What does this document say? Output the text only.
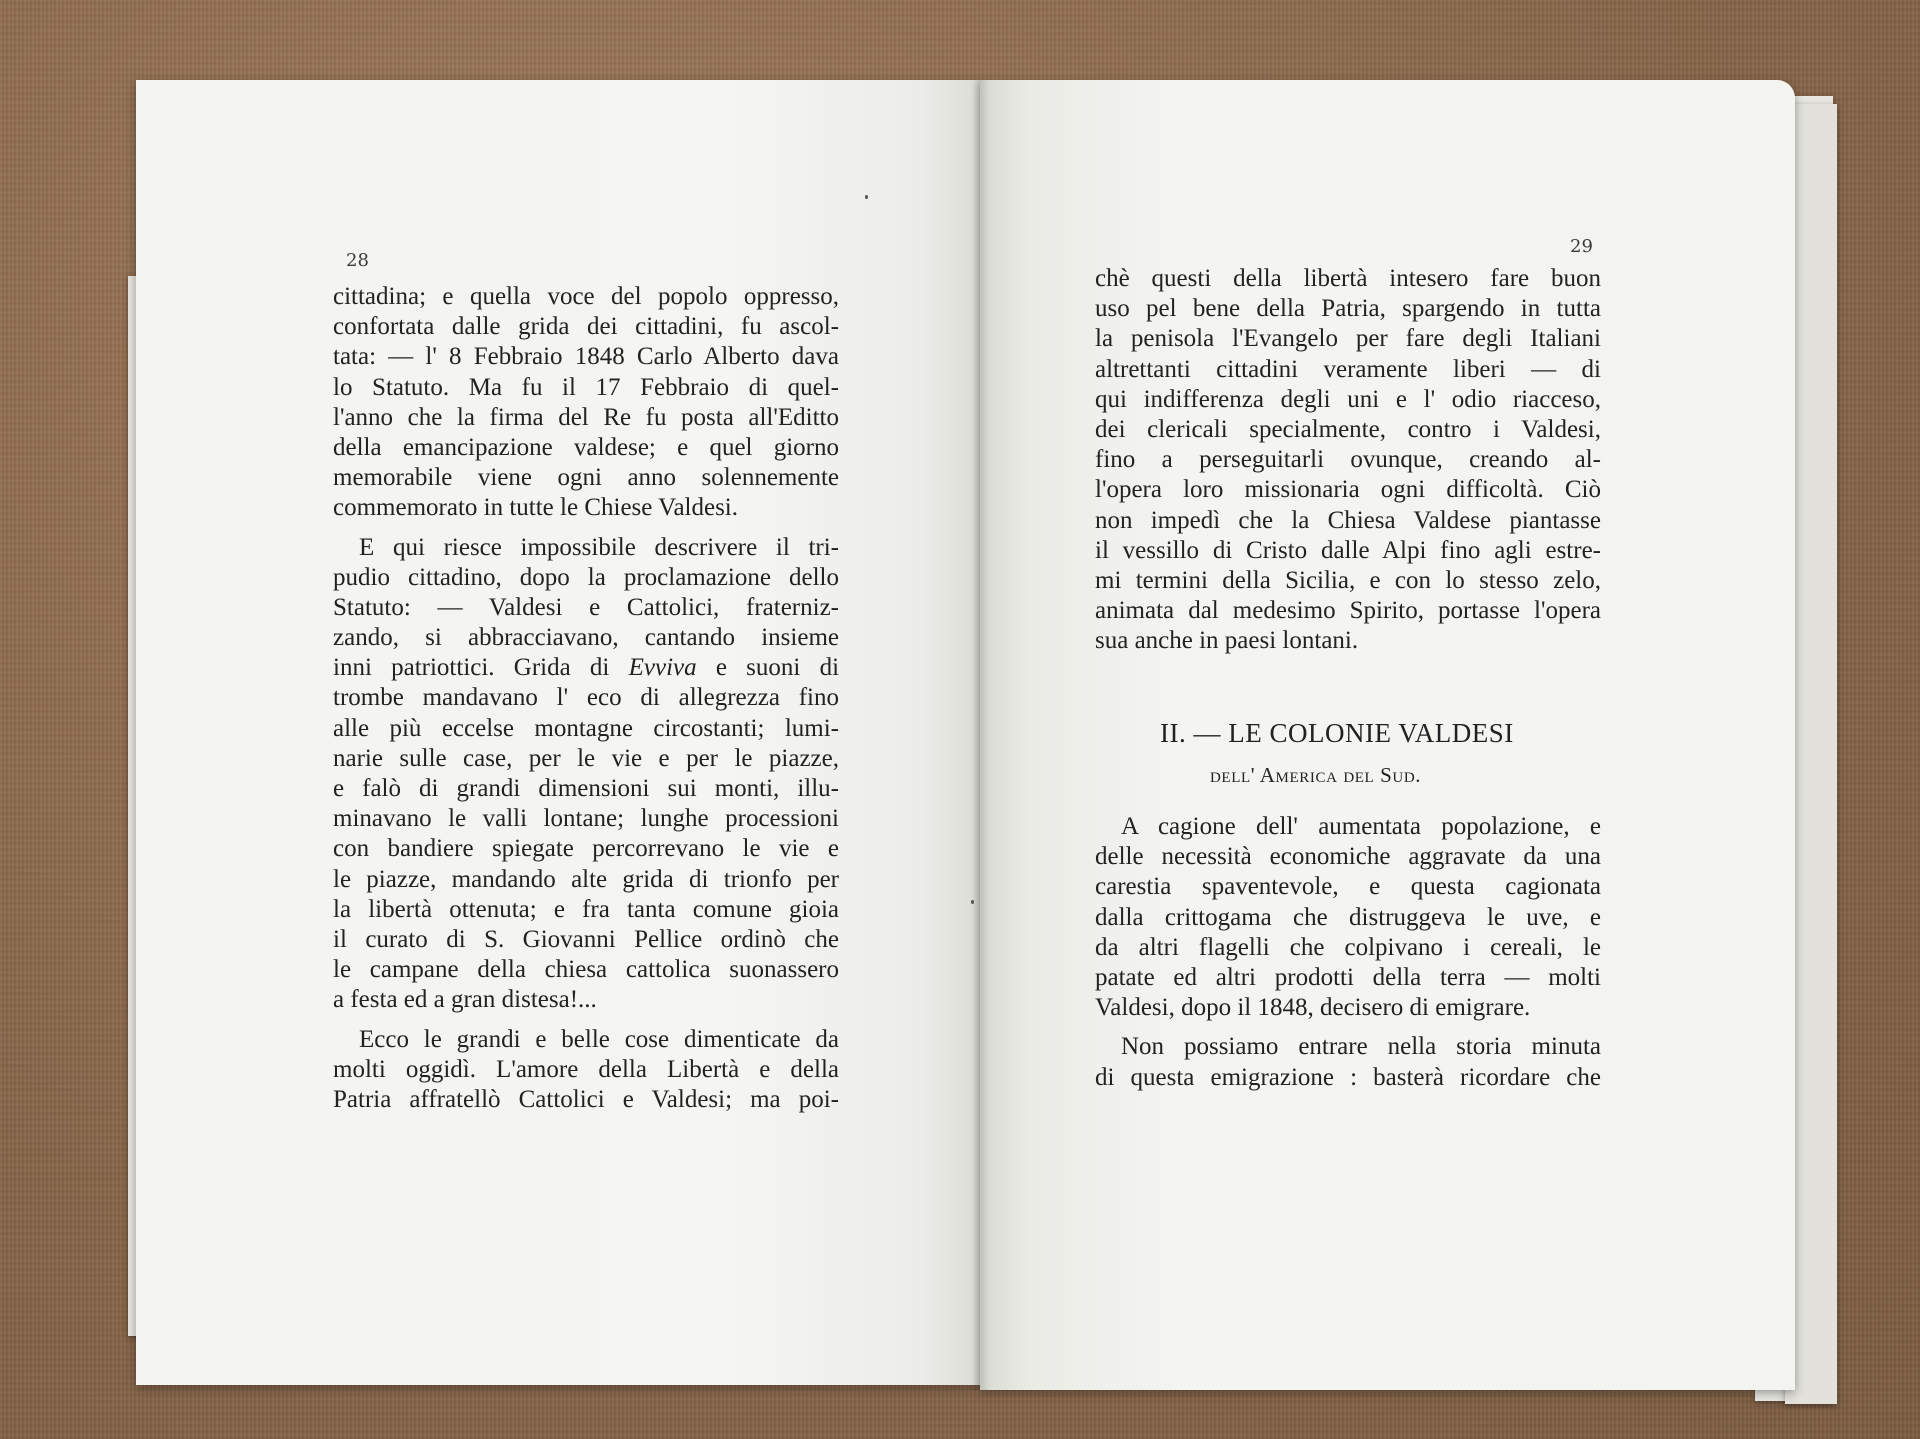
28
29
cittadina; e quella voce del popolo oppresso,
confortata dalle grida dei cittadini, fu ascol-
tata: — l' 8 Febbraio 1848 Carlo Alberto dava
lo Statuto. Ma fu il 17 Febbraio di quel-
l'anno che la firma del Re fu posta all'Editto
della emancipazione valdese; e quel giorno
memorabile viene ogni anno solennemente
commemorato in tutte le Chiese Valdesi.
E qui riesce impossibile descrivere il tri-
pudio cittadino, dopo la proclamazione dello
Statuto: — Valdesi e Cattolici, fraterniz-
zando, si abbracciavano, cantando insieme
inni patriottici. Grida di Evviva e suoni di
trombe mandavano l' eco di allegrezza fino
alle più eccelse montagne circostanti; lumi-
narie sulle case, per le vie e per le piazze,
e falò di grandi dimensioni sui monti, illu-
minavano le valli lontane; lunghe processioni
con bandiere spiegate percorrevano le vie e
le piazze, mandando alte grida di trionfo per
la libertà ottenuta; e fra tanta comune gioia
il curato di S. Giovanni Pellice ordinò che
le campane della chiesa cattolica suonassero
a festa ed a gran distesa!...
Ecco le grandi e belle cose dimenticate da
molti oggidì. L'amore della Libertà e della
Patria affratellò Cattolici e Valdesi; ma poi-
chè questi della libertà intesero fare buon
uso pel bene della Patria, spargendo in tutta
la penisola l'Evangelo per fare degli Italiani
altrettanti cittadini veramente liberi — di
qui indifferenza degli uni e l' odio riacceso,
dei clericali specialmente, contro i Valdesi,
fino a perseguitarli ovunque, creando al-
l'opera loro missionaria ogni difficoltà. Ciò
non impedì che la Chiesa Valdese piantasse
il vessillo di Cristo dalle Alpi fino agli estre-
mi termini della Sicilia, e con lo stesso zelo,
animata dal medesimo Spirito, portasse l'opera
sua anche in paesi lontani.
II. — LE COLONIE VALDESI
dell' America del Sud.
A cagione dell' aumentata popolazione, e
delle necessità economiche aggravate da una
carestia spaventevole, e questa cagionata
dalla crittogama che distruggeva le uve, e
da altri flagelli che colpivano i cereali, le
patate ed altri prodotti della terra — molti
Valdesi, dopo il 1848, decisero di emigrare.
Non possiamo entrare nella storia minuta
di questa emigrazione : basterà ricordare che
